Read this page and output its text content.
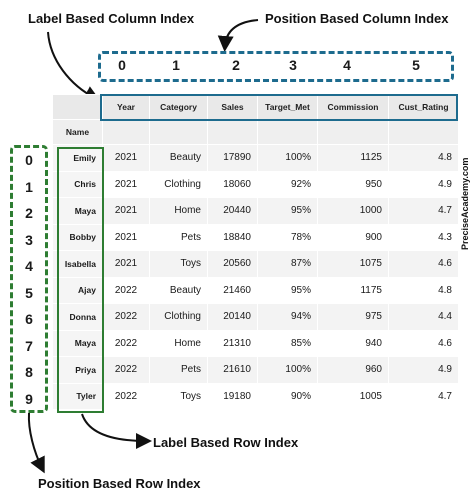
Label Based Column Index	Position Based Column Index
Label Based Row Index
Position Based Row Index
0	1	2	3	4	5
0
1
2
3
4
5
6
7
8
9
	Year	Category	Sales	Target_Met	Commission	Cust_Rating
Name						
Emily	2021	Beauty	17890	100%	1125	4.8
Chris	2021	Clothing	18060	92%	950	4.9
Maya	2021	Home	20440	95%	1000	4.7
Bobby	2021	Pets	18840	78%	900	4.3
Isabella	2021	Toys	20560	87%	1075	4.6
Ajay	2022	Beauty	21460	95%	1175	4.8
Donna	2022	Clothing	20140	94%	975	4.4
Maya	2022	Home	21310	85%	940	4.6
Priya	2022	Pets	21610	100%	960	4.9
Tyler	2022	Toys	19180	90%	1005	4.7
PreciseAcademy.com
